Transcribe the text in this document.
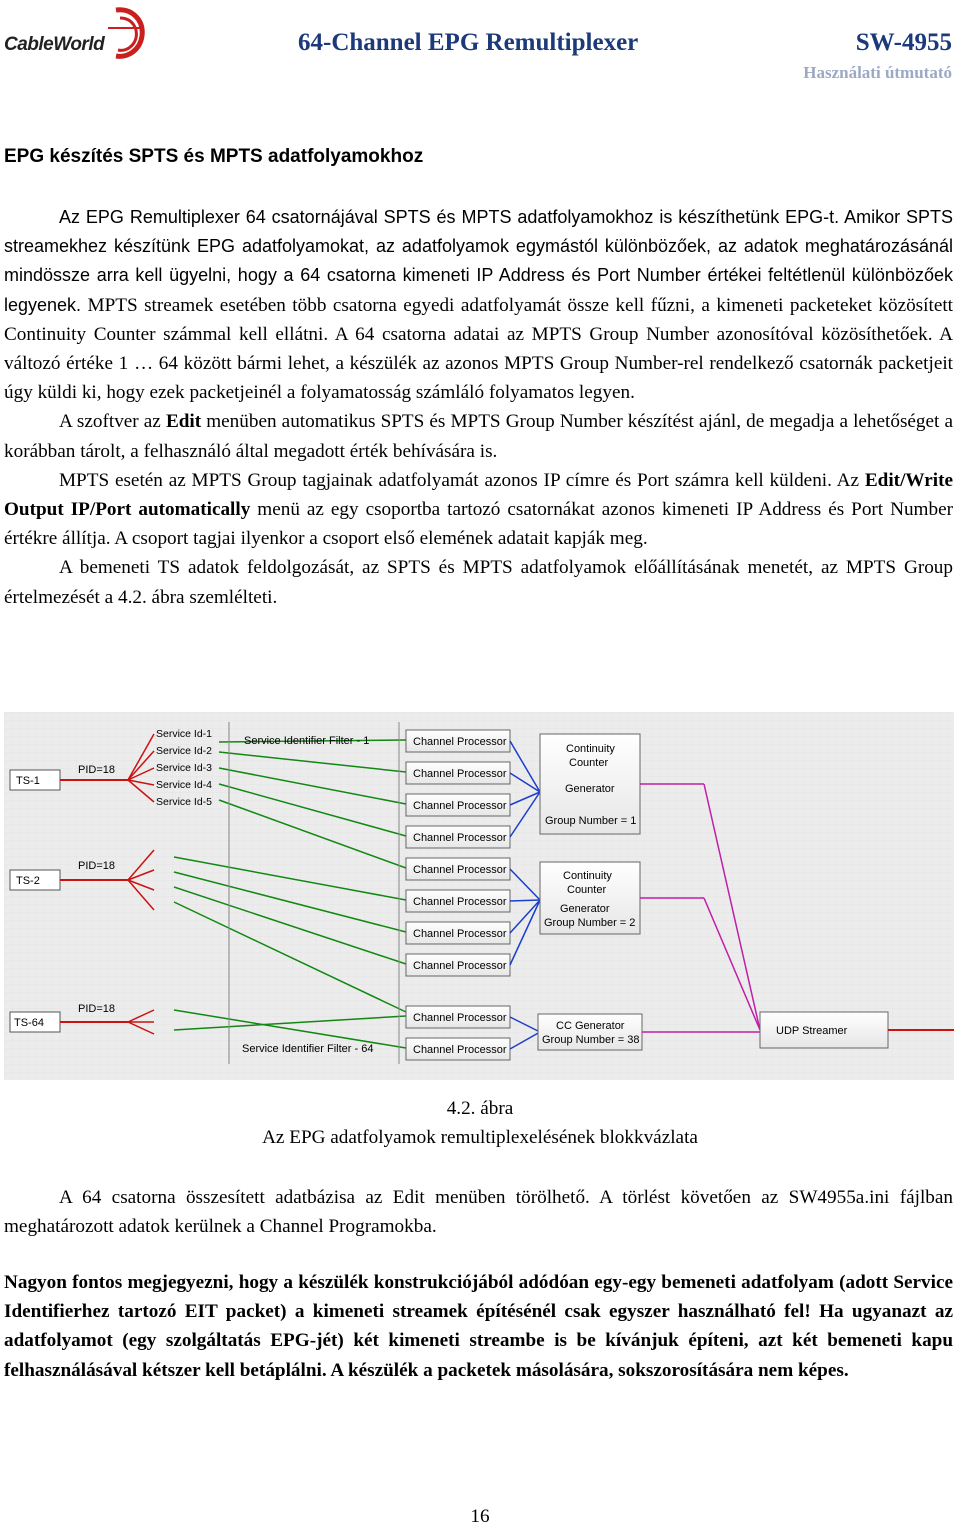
CableWorld	64-Channel EPG Remultiplexer	SW-4955
Használati útmutató
EPG készítés SPTS és MPTS adatfolyamokhoz

Az EPG Remultiplexer 64 csatornájával SPTS és MPTS adatfolyamokhoz is készíthetünk EPG-t. Amikor SPTS streamekhez készítünk EPG adatfolyamokat, az adatfolyamok egymástól különbözőek, az adatok meghatározásánál mindössze arra kell ügyelni, hogy a 64 csatorna kimeneti IP Address és Port Number értékei feltétlenül különbözőek legyenek. MPTS streamek esetében több csatorna egyedi adatfolyamát össze kell fűzni, a kimeneti packeteket közösített Continuity Counter számmal kell ellátni. A 64 csatorna adatai az MPTS Group Number azonosítóval közösíthetőek. A változó értéke 1 … 64 között bármi lehet, a készülék az azonos MPTS Group Number-rel rendelkező csatornák packetjeit úgy küldi ki, hogy ezek packetjeinél a folyamatosság számláló folyamatos legyen.

A szoftver az Edit menüben automatikus SPTS és MPTS Group Number készítést ajánl, de megadja a lehetőséget a korábban tárolt, a felhasználó által megadott érték behívására is.

MPTS esetén az MPTS Group tagjainak adatfolyamát azonos IP címre és Port számra kell küldeni. Az Edit/Write Output IP/Port automatically menü az egy csoportba tartozó csatornákat azonos kimeneti IP Address és Port Number értékre állítja. A csoport tagjai ilyenkor a csoport első elemének adatait kapják meg.

A bemeneti TS adatok feldolgozását, az SPTS és MPTS adatfolyamok előállításának menetét, az MPTS Group értelmezését a 4.2. ábra szemlélteti.

TS-1
TS-2
TS-64
PID=18
PID=18
PID=18
Service Id-1
Service Id-2
Service Id-3
Service Id-4
Service Id-5
Service Identifier Filter - 1
Service Identifier Filter - 64
Channel Processor
Channel Processor
Channel Processor
Channel Processor
Channel Processor
Channel Processor
Channel Processor
Channel Processor
Channel Processor
Channel Processor
Continuity
Counter
Generator
Group Number = 1
Continuity
Counter
Generator
Group Number = 2
CC Generator
Group Number = 38
UDP Streamer
4.2. ábra
Az EPG adatfolyamok remultiplexelésének blokkvázlata

A 64 csatorna összesített adatbázisa az Edit menüben törölhető. A törlést követően az SW4955a.ini fájlban meghatározott adatok kerülnek a Channel Programokba.

Nagyon fontos megjegyezni, hogy a készülék konstrukciójából adódóan egy-egy bemeneti adatfolyam (adott Service Identifierhez tartozó EIT packet) a kimeneti streamek építésénél csak egyszer használható fel! Ha ugyanazt az adatfolyamot (egy szolgáltatás EPG-jét) két kimeneti streambe is be kívánjuk építeni, azt két bemeneti kapu felhasználásával kétszer kell betáplálni. A készülék a packetek másolására, sokszorosítására nem képes.
16
